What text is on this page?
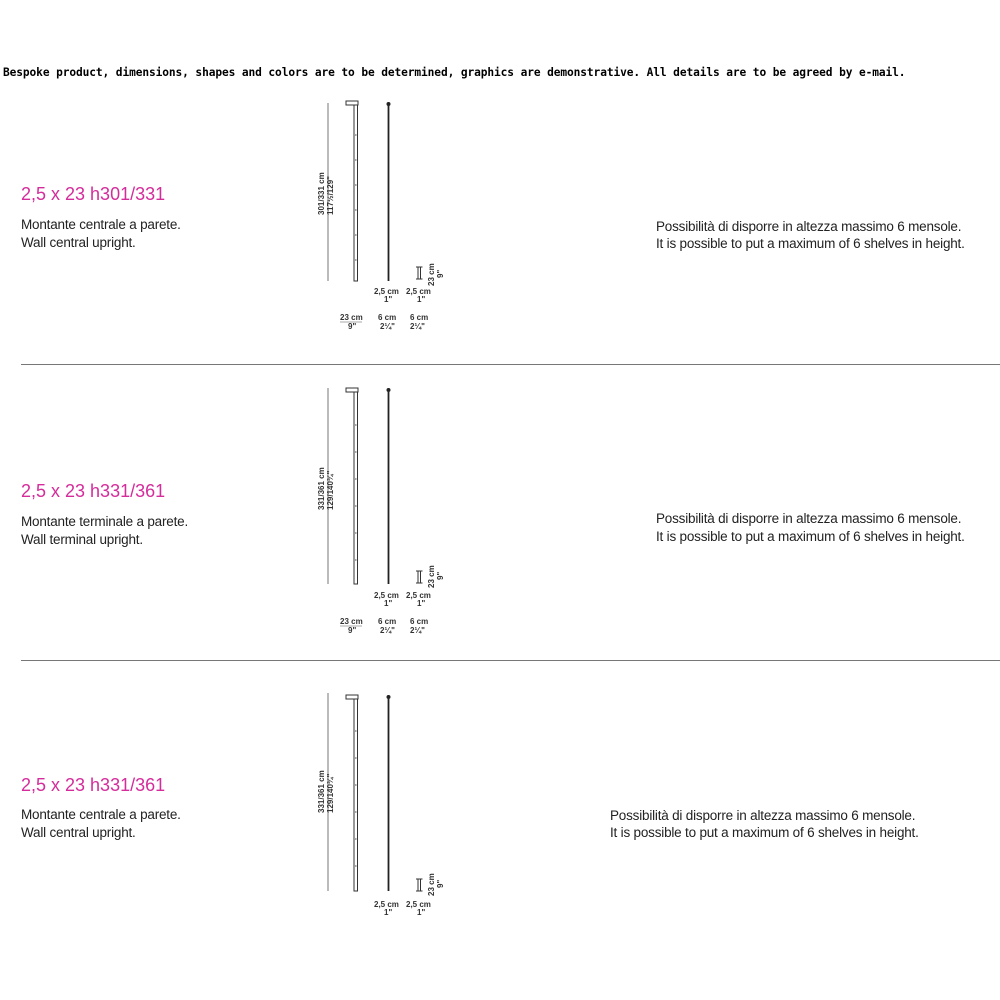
Bespoke product, dimensions, shapes and colors are to be determined, graphics are demonstrative. All details are to be agreed by e-mail.
2,5 x 23 h301/331
Montante centrale a parete.
Wall central upright.
Possibilità di disporre in altezza massimo 6 mensole.
It is possible to put a maximum of 6 shelves in height.
301/331 cm 117½/129"
23 cm 9"
2,5 cm
1"
2,5 cm
1"
23 cm
9"
6 cm
2¼"
6 cm
2¼"
2,5 x 23 h331/361
Montante terminale a parete.
Wall terminal upright.
Possibilità di disporre in altezza massimo 6 mensole.
It is possible to put a maximum of 6 shelves in height.
331/361 cm 129/140¾"
23 cm 9"
2,5 cm
1"
2,5 cm
1"
23 cm
9"
6 cm
2¼"
6 cm
2¼"
2,5 x 23 h331/361
Montante centrale a parete.
Wall central upright.
Possibilità di disporre in altezza massimo 6 mensole.
It is possible to put a maximum of 6 shelves in height.
331/361 cm 129/140¾"
23 cm 9"
2,5 cm
1"
2,5 cm
1"
